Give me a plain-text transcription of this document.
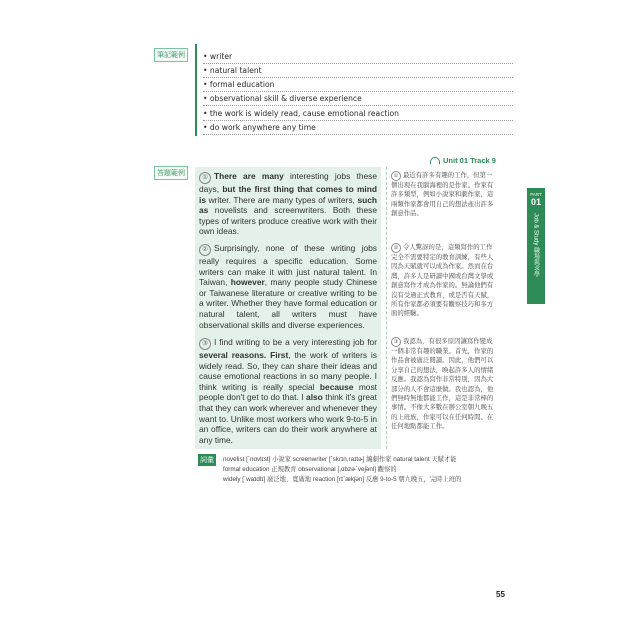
筆記範例	• writer
• natural talent
• formal education
• observational skill & diverse experience
• the work is widely read, cause emotional reaction
• do work anywhere any time
Unit 01 Track 9
答題範例
① There are many interesting jobs these days, but the first thing that comes to mind is writer. There are many types of writers, such as novelists and screenwriters. Both these types of writers produce creative work with their own ideas.
② Surprisingly, none of these writing jobs really requires a specific education. Some writers can make it with just natural talent. In Taiwan, however, many people study Chinese or Taiwanese literature or creative writing to be a writer. Whether they have formal education or natural talent, all writers must have observational skills and diverse experiences.
③ I find writing to be a very interesting job for several reasons. First, the work of writers is widely read. So, they can share their ideas and cause emotional reactions in so many people. I think writing is really special because most people don't get to do that. I also think it's great that they can work wherever and whenever they want to. Unlike most workers who work 9-to-5 in an office, writers can do their work anywhere at any time.
① 最近有許多有趣的工作，但第一個出現在我腦海裡的是作家。作家有許多類型，例如小說家和劇作家，這兩類作家都會用自己的想法產出許多創意作品。
② 令人驚訝的是，這類寫作的工作完全不需要特定的教育訓練，有些人因為天賦就可以成為作家。然而在台灣，許多人是研讀中國或台灣文學或創意寫作才成為作家的。無論他們有沒有受過正式教育，或是否有天賦，所有作家都必須要有觀察技巧和多方面的經驗。
③ 我認為，有很多原因讓寫作變成一個非常有趣的職業。首先，作家的作品會被廣泛閱讀。因此，他們可以分享自己的想法，喚起許多人的情緒反應。我認為寫作非常特別，因為大部分的人不會這麼做。我也認為，他們無時無地都能工作，這是非常棒的事情。不像大多數在辦公室朝九晚五的上班族，作家可以在任何時間、在任何地點都能工作。
PART
01
Job & Study 職場與求學
詞彙	novelist [ˋnɑvlɪst] 小說家 screenwriter [ˋskrɪn,raɪtɚ] 編劇作家 natural talent 天賦才能
formal education 正規教育 observational [,ɑbzɚˋveʃənl] 觀察的
widely [ˋwaɪdlɪ] 廣泛地、寬廣地 reaction [rɪˋækʃən] 反應 9-to-5 朝九晚五，完時上班的
55
